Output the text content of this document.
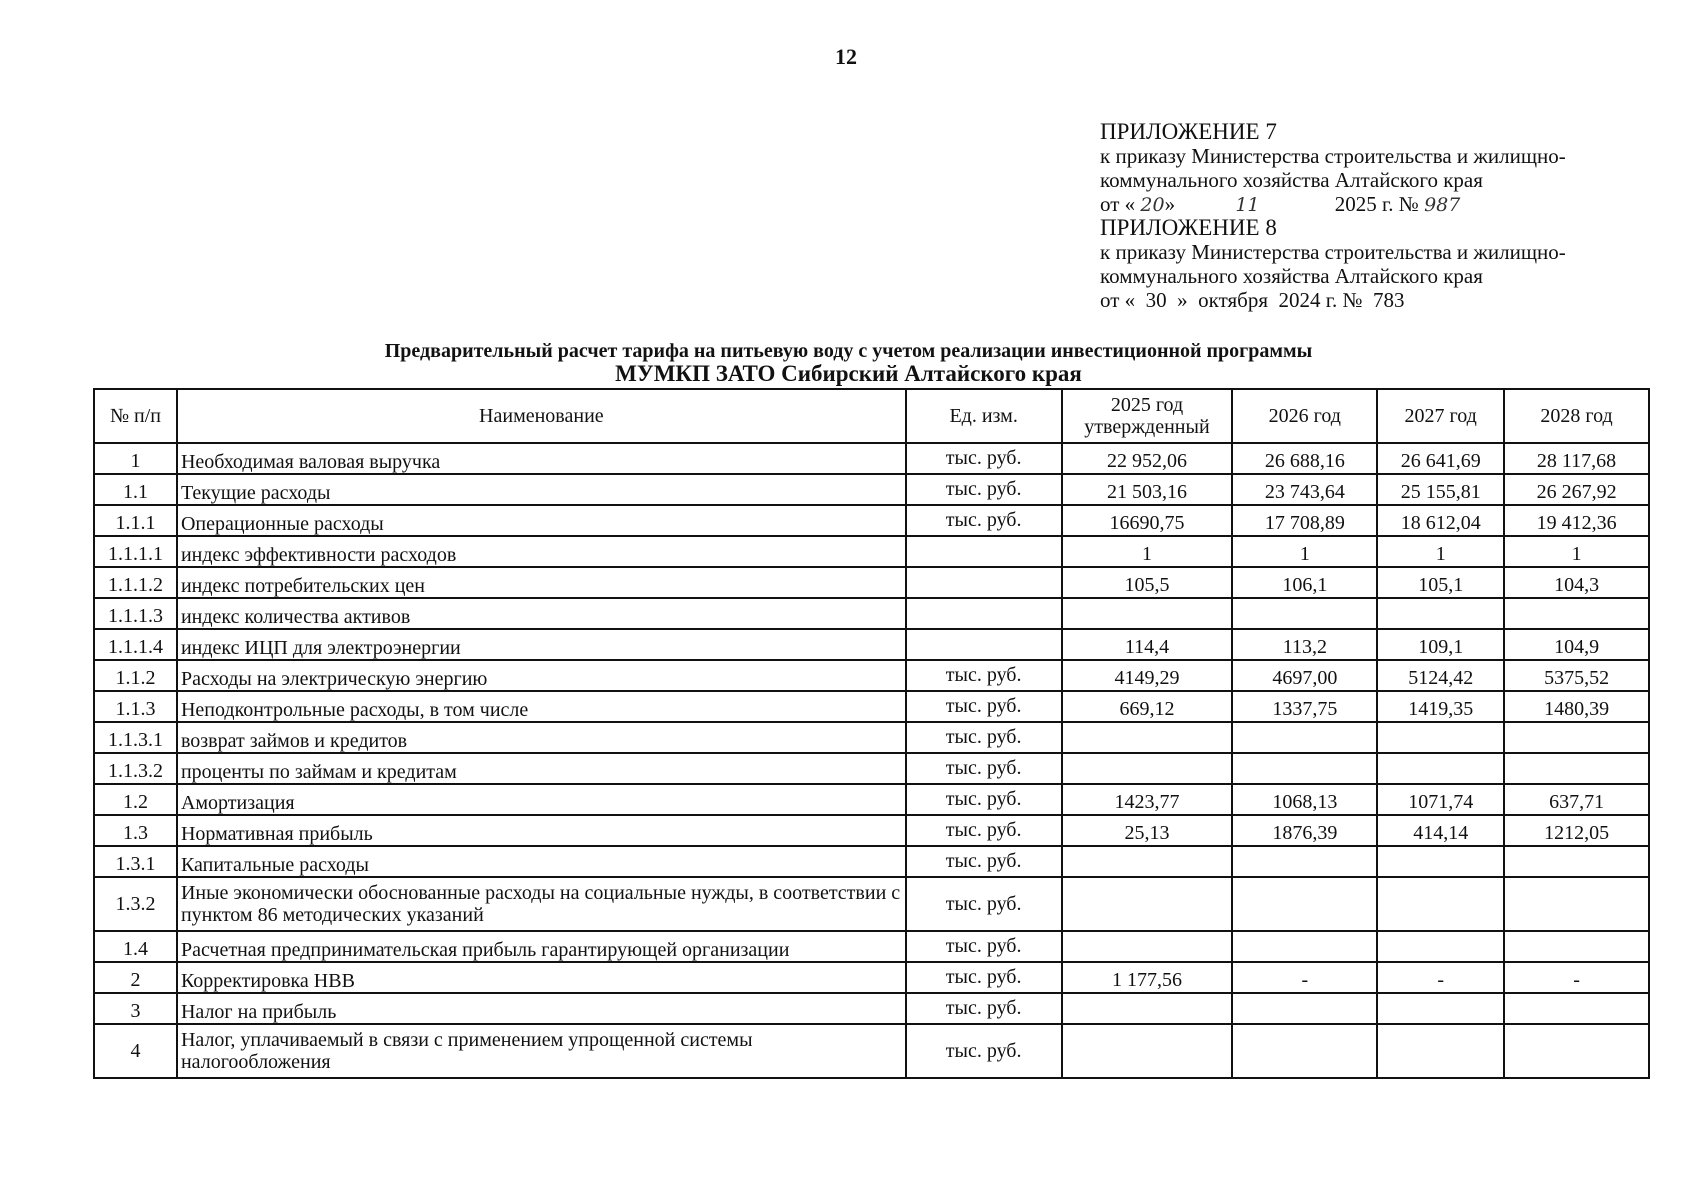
12
ПРИЛОЖЕНИЕ 7
к приказу Министерства строительства и жилищно-
коммунального хозяйства Алтайского края
от « 20»	11	2025 г. № 987
ПРИЛОЖЕНИЕ 8
к приказу Министерства строительства и жилищно-
коммунального хозяйства Алтайского края
от «  30  »  октября  2024 г. №  783
Предварительный расчет тарифа на питьевую воду с учетом реализации инвестиционной программы
МУМКП ЗАТО Сибирский Алтайского края
№ п/п	Наименование	Ед. изм.	2025 год утвержденный	2026 год	2027 год	2028 год
1	Необходимая валовая выручка	тыс. руб.	22 952,06	26 688,16	26 641,69	28 117,68
1.1	Текущие расходы	тыс. руб.	21 503,16	23 743,64	25 155,81	26 267,92
1.1.1	Операционные расходы	тыс. руб.	16690,75	17 708,89	18 612,04	19 412,36
1.1.1.1	индекс эффективности расходов		1	1	1	1
1.1.1.2	индекс потребительских цен		105,5	106,1	105,1	104,3
1.1.1.3	индекс количества активов					
1.1.1.4	индекс ИЦП для электроэнергии		114,4	113,2	109,1	104,9
1.1.2	Расходы на электрическую энергию	тыс. руб.	4149,29	4697,00	5124,42	5375,52
1.1.3	Неподконтрольные расходы, в том числе	тыс. руб.	669,12	1337,75	1419,35	1480,39
1.1.3.1	возврат займов и кредитов	тыс. руб.				
1.1.3.2	проценты по займам и кредитам	тыс. руб.				
1.2	Амортизация	тыс. руб.	1423,77	1068,13	1071,74	637,71
1.3	Нормативная прибыль	тыс. руб.	25,13	1876,39	414,14	1212,05
1.3.1	Капитальные расходы	тыс. руб.				
1.3.2	Иные экономически обоснованные расходы на социальные нужды, в соответствии с пунктом 86 методических указаний	тыс. руб.				
1.4	Расчетная предпринимательская прибыль гарантирующей организации	тыс. руб.				
2	Корректировка НВВ	тыс. руб.	1 177,56	-	-	-
3	Налог на прибыль	тыс. руб.				
4	Налог, уплачиваемый в связи с применением упрощенной системы налогообложения	тыс. руб.				
